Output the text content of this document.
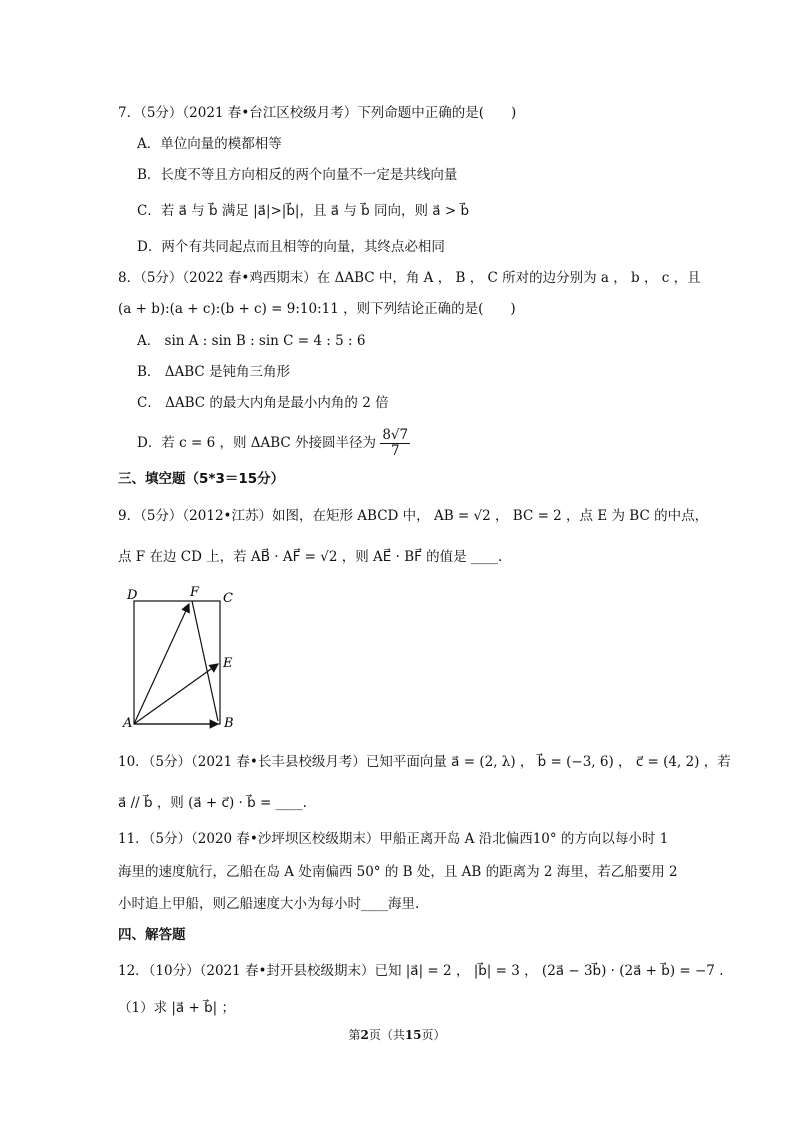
7．（5分）（2021 春•台江区校级月考）下列命题中正确的是(　　)
A．单位向量的模都相等
B．长度不等且方向相反的两个向量不一定是共线向量
C．若 a⃗ 与 b⃗ 满足 |a⃗|>|b⃗|，且 a⃗ 与 b⃗ 同向，则 a⃗ > b⃗
D．两个有共同起点而且相等的向量，其终点必相同
8．（5分）（2022 春•鸡西期末）在 ΔABC 中，角 A ， B ， C 所对的边分别为 a ， b ， c ，且
(a + b):(a + c):(b + c) = 9:10:11 ，则下列结论正确的是(　　)
A． sin A : sin B : sin C = 4 : 5 : 6
B． ΔABC 是钝角三角形
C． ΔABC 的最大内角是最小内角的 2 倍
D．若 c = 6 ，则 ΔABC 外接圆半径为 $\frac{8√7}{7}$
三、填空题（5*3＝15分）
9．（5分）（2012•江苏）如图，在矩形 ABCD 中， AB = √2 ， BC = 2 ，点 E 为 BC 的中点，
点 F 在边 CD 上，若 AB⃗ · AF⃗ = √2 ，则 AE⃗ · BF⃗ 的值是 ____.
D	F C
E
A	B
10．（5分）（2021 春•长丰县校级月考）已知平面向量 a⃗ = (2, λ) ， b⃗ = (−3, 6) ， c⃗ = (4, 2) ，若
a⃗ // b⃗ ，则 (a⃗ + c⃗) · b⃗ = ____.
11．（5分）（2020 春•沙坪坝区校级期末）甲船正离开岛 A 沿北偏西10° 的方向以每小时 1
海里的速度航行，乙船在岛 A 处南偏西 50° 的 B 处，且 AB 的距离为 2 海里，若乙船要用 2
小时追上甲船，则乙船速度大小为每小时____海里.
四、解答题
12．（10分）（2021 春•封开县校级期末）已知 |a⃗| = 2 ， |b⃗| = 3 ， (2a⃗ − 3b⃗) · (2a⃗ + b⃗) = −7 .
（1）求 |a⃗ + b⃗| ；
第2页（共15页）
